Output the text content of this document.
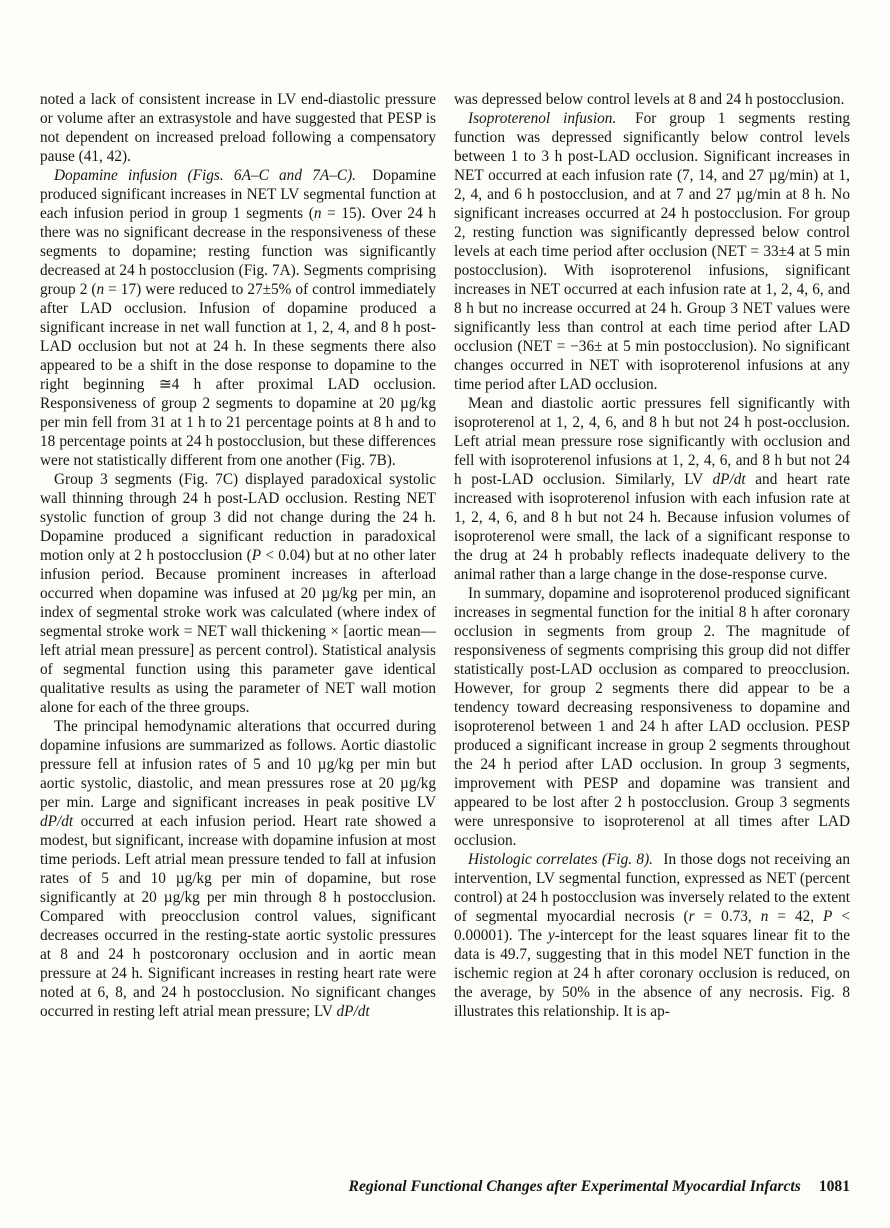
noted a lack of consistent increase in LV end-diastolic pressure or volume after an extrasystole and have suggested that PESP is not dependent on increased preload following a compensatory pause (41, 42).

Dopamine infusion (Figs. 6A–C and 7A–C). Dopamine produced significant increases in NET LV segmental function at each infusion period in group 1 segments (n = 15). Over 24 h there was no significant decrease in the responsiveness of these segments to dopamine; resting function was significantly decreased at 24 h postocclusion (Fig. 7A). Segments comprising group 2 (n = 17) were reduced to 27±5% of control immediately after LAD occlusion. Infusion of dopamine produced a significant increase in net wall function at 1, 2, 4, and 8 h post-LAD occlusion but not at 24 h. In these segments there also appeared to be a shift in the dose response to dopamine to the right beginning ≅4 h after proximal LAD occlusion. Responsiveness of group 2 segments to dopamine at 20 µg/kg per min fell from 31 at 1 h to 21 percentage points at 8 h and to 18 percentage points at 24 h postocclusion, but these differences were not statistically different from one another (Fig. 7B).

Group 3 segments (Fig. 7C) displayed paradoxical systolic wall thinning through 24 h post-LAD occlusion. Resting NET systolic function of group 3 did not change during the 24 h. Dopamine produced a significant reduction in paradoxical motion only at 2 h postocclusion (P < 0.04) but at no other later infusion period. Because prominent increases in afterload occurred when dopamine was infused at 20 µg/kg per min, an index of segmental stroke work was calculated (where index of segmental stroke work = NET wall thickening × [aortic mean—left atrial mean pressure] as percent control). Statistical analysis of segmental function using this parameter gave identical qualitative results as using the parameter of NET wall motion alone for each of the three groups.

The principal hemodynamic alterations that occurred during dopamine infusions are summarized as follows. Aortic diastolic pressure fell at infusion rates of 5 and 10 µg/kg per min but aortic systolic, diastolic, and mean pressures rose at 20 µg/kg per min. Large and significant increases in peak positive LV dP/dt occurred at each infusion period. Heart rate showed a modest, but significant, increase with dopamine infusion at most time periods. Left atrial mean pressure tended to fall at infusion rates of 5 and 10 µg/kg per min of dopamine, but rose significantly at 20 µg/kg per min through 8 h postocclusion. Compared with preocclusion control values, significant decreases occurred in the resting-state aortic systolic pressures at 8 and 24 h postcoronary occlusion and in aortic mean pressure at 24 h. Significant increases in resting heart rate were noted at 6, 8, and 24 h postocclusion. No significant changes occurred in resting left atrial mean pressure; LV dP/dt

was depressed below control levels at 8 and 24 h postocclusion.

Isoproterenol infusion. For group 1 segments resting function was depressed significantly below control levels between 1 to 3 h post-LAD occlusion. Significant increases in NET occurred at each infusion rate (7, 14, and 27 µg/min) at 1, 2, 4, and 6 h postocclusion, and at 7 and 27 µg/min at 8 h. No significant increases occurred at 24 h postocclusion. For group 2, resting function was significantly depressed below control levels at each time period after occlusion (NET = 33±4 at 5 min postocclusion). With isoproterenol infusions, significant increases in NET occurred at each infusion rate at 1, 2, 4, 6, and 8 h but no increase occurred at 24 h. Group 3 NET values were significantly less than control at each time period after LAD occlusion (NET = −36± at 5 min postocclusion). No significant changes occurred in NET with isoproterenol infusions at any time period after LAD occlusion.

Mean and diastolic aortic pressures fell significantly with isoproterenol at 1, 2, 4, 6, and 8 h but not 24 h post-occlusion. Left atrial mean pressure rose significantly with occlusion and fell with isoproterenol infusions at 1, 2, 4, 6, and 8 h but not 24 h post-LAD occlusion. Similarly, LV dP/dt and heart rate increased with isoproterenol infusion with each infusion rate at 1, 2, 4, 6, and 8 h but not 24 h. Because infusion volumes of isoproterenol were small, the lack of a significant response to the drug at 24 h probably reflects inadequate delivery to the animal rather than a large change in the dose-response curve.

In summary, dopamine and isoproterenol produced significant increases in segmental function for the initial 8 h after coronary occlusion in segments from group 2. The magnitude of responsiveness of segments comprising this group did not differ statistically post-LAD occlusion as compared to preocclusion. However, for group 2 segments there did appear to be a tendency toward decreasing responsiveness to dopamine and isoproterenol between 1 and 24 h after LAD occlusion. PESP produced a significant increase in group 2 segments throughout the 24 h period after LAD occlusion. In group 3 segments, improvement with PESP and dopamine was transient and appeared to be lost after 2 h postocclusion. Group 3 segments were unresponsive to isoproterenol at all times after LAD occlusion.

Histologic correlates (Fig. 8). In those dogs not receiving an intervention, LV segmental function, expressed as NET (percent control) at 24 h postocclusion was inversely related to the extent of segmental myocardial necrosis (r = 0.73, n = 42, P < 0.00001). The y-intercept for the least squares linear fit to the data is 49.7, suggesting that in this model NET function in the ischemic region at 24 h after coronary occlusion is reduced, on the average, by 50% in the absence of any necrosis. Fig. 8 illustrates this relationship. It is ap-

Regional Functional Changes after Experimental Myocardial Infarcts 1081
